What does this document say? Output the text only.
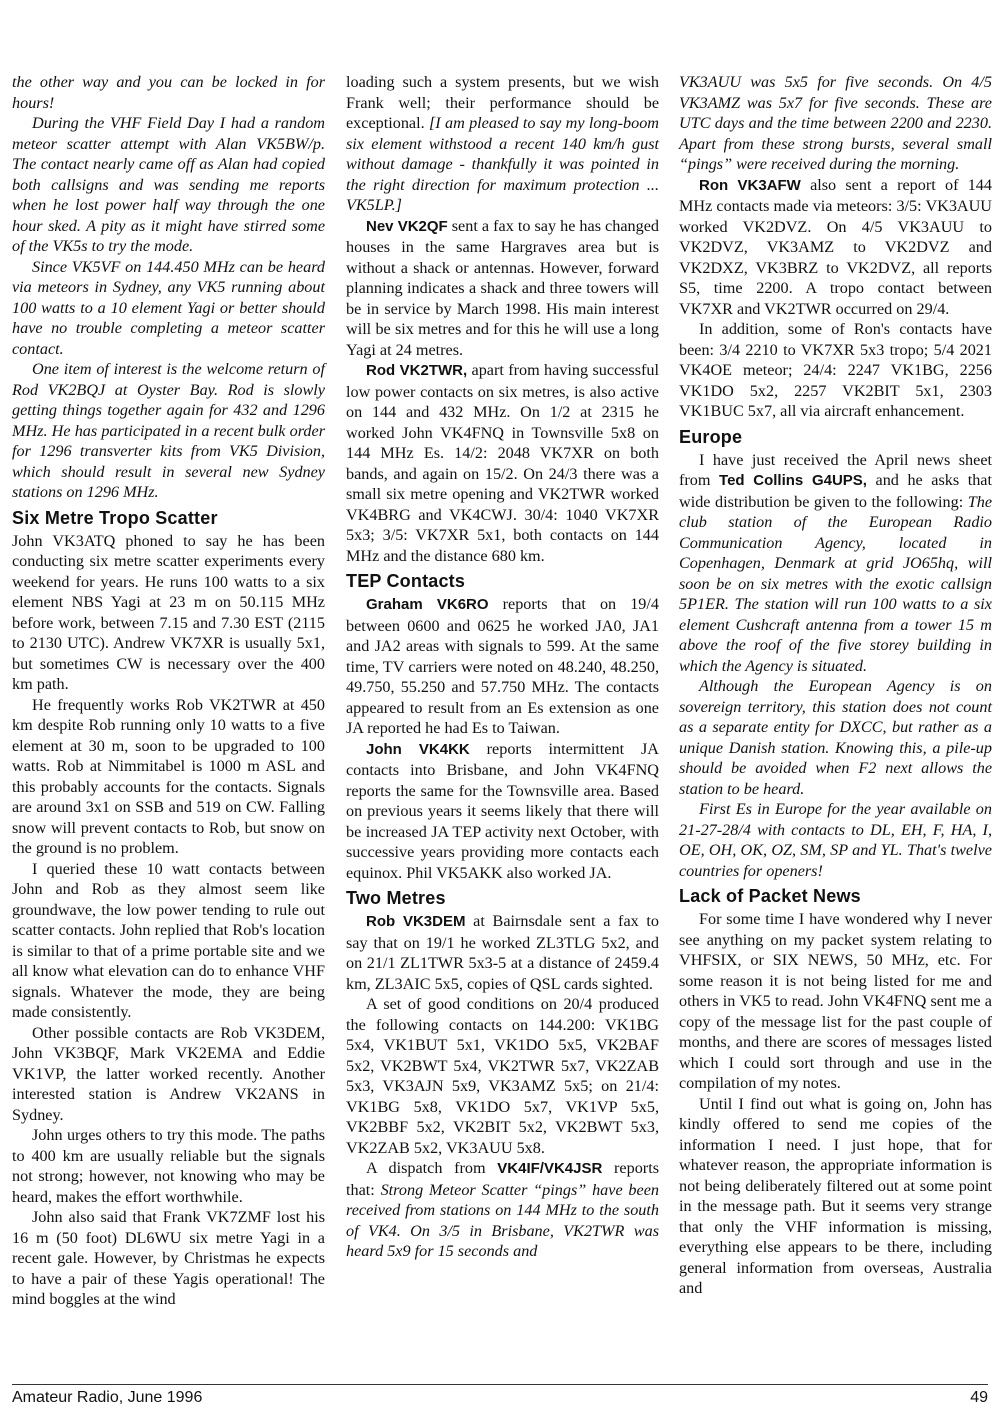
the other way and you can be locked in for hours!

During the VHF Field Day I had a random meteor scatter attempt with Alan VK5BW/p. The contact nearly came off as Alan had copied both callsigns and was sending me reports when he lost power half way through the one hour sked. A pity as it might have stirred some of the VK5s to try the mode.

Since VK5VF on 144.450 MHz can be heard via meteors in Sydney, any VK5 running about 100 watts to a 10 element Yagi or better should have no trouble completing a meteor scatter contact.

One item of interest is the welcome return of Rod VK2BQJ at Oyster Bay. Rod is slowly getting things together again for 432 and 1296 MHz. He has participated in a recent bulk order for 1296 transverter kits from VK5 Division, which should result in several new Sydney stations on 1296 MHz.

Six Metre Tropo Scatter

John VK3ATQ phoned to say he has been conducting six metre scatter experiments every weekend for years. He runs 100 watts to a six element NBS Yagi at 23 m on 50.115 MHz before work, between 7.15 and 7.30 EST (2115 to 2130 UTC). Andrew VK7XR is usually 5x1, but sometimes CW is necessary over the 400 km path.

He frequently works Rob VK2TWR at 450 km despite Rob running only 10 watts to a five element at 30 m, soon to be upgraded to 100 watts. Rob at Nimmitabel is 1000 m ASL and this probably accounts for the contacts. Signals are around 3x1 on SSB and 519 on CW. Falling snow will prevent contacts to Rob, but snow on the ground is no problem.

I queried these 10 watt contacts between John and Rob as they almost seem like groundwave, the low power tending to rule out scatter contacts. John replied that Rob's location is similar to that of a prime portable site and we all know what elevation can do to enhance VHF signals. Whatever the mode, they are being made consistently.

Other possible contacts are Rob VK3DEM, John VK3BQF, Mark VK2EMA and Eddie VK1VP, the latter worked recently. Another interested station is Andrew VK2ANS in Sydney.

John urges others to try this mode. The paths to 400 km are usually reliable but the signals not strong; however, not knowing who may be heard, makes the effort worthwhile.

John also said that Frank VK7ZMF lost his 16 m (50 foot) DL6WU six metre Yagi in a recent gale. However, by Christmas he expects to have a pair of these Yagis operational! The mind boggles at the wind

loading such a system presents, but we wish Frank well; their performance should be exceptional. [I am pleased to say my long-boom six element withstood a recent 140 km/h gust without damage - thankfully it was pointed in the right direction for maximum protection ... VK5LP.]

Nev VK2QF sent a fax to say he has changed houses in the same Hargraves area but is without a shack or antennas. However, forward planning indicates a shack and three towers will be in service by March 1998. His main interest will be six metres and for this he will use a long Yagi at 24 metres.

Rod VK2TWR, apart from having successful low power contacts on six metres, is also active on 144 and 432 MHz. On 1/2 at 2315 he worked John VK4FNQ in Townsville 5x8 on 144 MHz Es. 14/2: 2048 VK7XR on both bands, and again on 15/2. On 24/3 there was a small six metre opening and VK2TWR worked VK4BRG and VK4CWJ. 30/4: 1040 VK7XR 5x3; 3/5: VK7XR 5x1, both contacts on 144 MHz and the distance 680 km.

TEP Contacts

Graham VK6RO reports that on 19/4 between 0600 and 0625 he worked JA0, JA1 and JA2 areas with signals to 599. At the same time, TV carriers were noted on 48.240, 48.250, 49.750, 55.250 and 57.750 MHz. The contacts appeared to result from an Es extension as one JA reported he had Es to Taiwan.

John VK4KK reports intermittent JA contacts into Brisbane, and John VK4FNQ reports the same for the Townsville area. Based on previous years it seems likely that there will be increased JA TEP activity next October, with successive years providing more contacts each equinox. Phil VK5AKK also worked JA.

Two Metres

Rob VK3DEM at Bairnsdale sent a fax to say that on 19/1 he worked ZL3TLG 5x2, and on 21/1 ZL1TWR 5x3-5 at a distance of 2459.4 km, ZL3AIC 5x5, copies of QSL cards sighted.

A set of good conditions on 20/4 produced the following contacts on 144.200: VK1BG 5x4, VK1BUT 5x1, VK1DO 5x5, VK2BAF 5x2, VK2BWT 5x4, VK2TWR 5x7, VK2ZAB 5x3, VK3AJN 5x9, VK3AMZ 5x5; on 21/4: VK1BG 5x8, VK1DO 5x7, VK1VP 5x5, VK2BBF 5x2, VK2BIT 5x2, VK2BWT 5x3, VK2ZAB 5x2, VK3AUU 5x8.

A dispatch from VK4IF/VK4JSR reports that: Strong Meteor Scatter “pings” have been received from stations on 144 MHz to the south of VK4. On 3/5 in Brisbane, VK2TWR was heard 5x9 for 15 seconds and

VK3AUU was 5x5 for five seconds. On 4/5 VK3AMZ was 5x7 for five seconds. These are UTC days and the time between 2200 and 2230. Apart from these strong bursts, several small “pings” were received during the morning.

Ron VK3AFW also sent a report of 144 MHz contacts made via meteors: 3/5: VK3AUU worked VK2DVZ. On 4/5 VK3AUU to VK2DVZ, VK3AMZ to VK2DVZ and VK2DXZ, VK3BRZ to VK2DVZ, all reports S5, time 2200. A tropo contact between VK7XR and VK2TWR occurred on 29/4.

In addition, some of Ron's contacts have been: 3/4 2210 to VK7XR 5x3 tropo; 5/4 2021 VK4OE meteor; 24/4: 2247 VK1BG, 2256 VK1DO 5x2, 2257 VK2BIT 5x1, 2303 VK1BUC 5x7, all via aircraft enhancement.

Europe

I have just received the April news sheet from Ted Collins G4UPS, and he asks that wide distribution be given to the following: The club station of the European Radio Communication Agency, located in Copenhagen, Denmark at grid JO65hq, will soon be on six metres with the exotic callsign 5P1ER. The station will run 100 watts to a six element Cushcraft antenna from a tower 15 m above the roof of the five storey building in which the Agency is situated.

Although the European Agency is on sovereign territory, this station does not count as a separate entity for DXCC, but rather as a unique Danish station. Knowing this, a pile-up should be avoided when F2 next allows the station to be heard.

First Es in Europe for the year available on 21-27-28/4 with contacts to DL, EH, F, HA, I, OE, OH, OK, OZ, SM, SP and YL. That's twelve countries for openers!

Lack of Packet News

For some time I have wondered why I never see anything on my packet system relating to VHFSIX, or SIX NEWS, 50 MHz, etc. For some reason it is not being listed for me and others in VK5 to read. John VK4FNQ sent me a copy of the message list for the past couple of months, and there are scores of messages listed which I could sort through and use in the compilation of my notes.

Until I find out what is going on, John has kindly offered to send me copies of the information I need. I just hope, that for whatever reason, the appropriate information is not being deliberately filtered out at some point in the message path. But it seems very strange that only the VHF information is missing, everything else appears to be there, including general information from overseas, Australia and

Amateur Radio, June 1996	49
